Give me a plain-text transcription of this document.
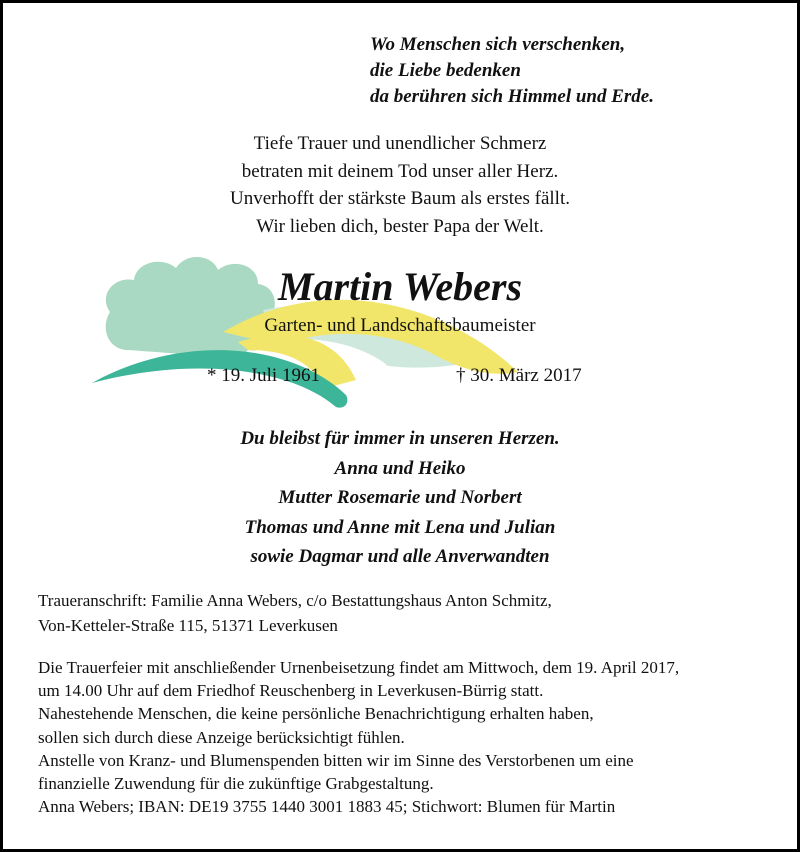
Wo Menschen sich verschenken,
die Liebe bedenken
da berühren sich Himmel und Erde.
Tiefe Trauer und unendlicher Schmerz
betraten mit deinem Tod unser aller Herz.
Unverhofft der stärkste Baum als erstes fällt.
Wir lieben dich, bester Papa der Welt.
Martin Webers
Garten- und Landschaftsbaumeister
* 19. Juli 1961	† 30. März 2017
Du bleibst für immer in unseren Herzen.
Anna und Heiko
Mutter Rosemarie und Norbert
Thomas und Anne mit Lena und Julian
sowie Dagmar und alle Anverwandten
Traueranschrift: Familie Anna Webers, c/o Bestattungshaus Anton Schmitz,
Von-Ketteler-Straße 115, 51371 Leverkusen
Die Trauerfeier mit anschließender Urnenbeisetzung findet am Mittwoch, dem 19. April 2017,
um 14.00 Uhr auf dem Friedhof Reuschenberg in Leverkusen-Bürrig statt.
Nahestehende Menschen, die keine persönliche Benachrichtigung erhalten haben,
sollen sich durch diese Anzeige berücksichtigt fühlen.
Anstelle von Kranz- und Blumenspenden bitten wir im Sinne des Verstorbenen um eine
finanzielle Zuwendung für die zukünftige Grabgestaltung.
Anna Webers; IBAN: DE19 3755 1440 3001 1883 45; Stichwort: Blumen für Martin
